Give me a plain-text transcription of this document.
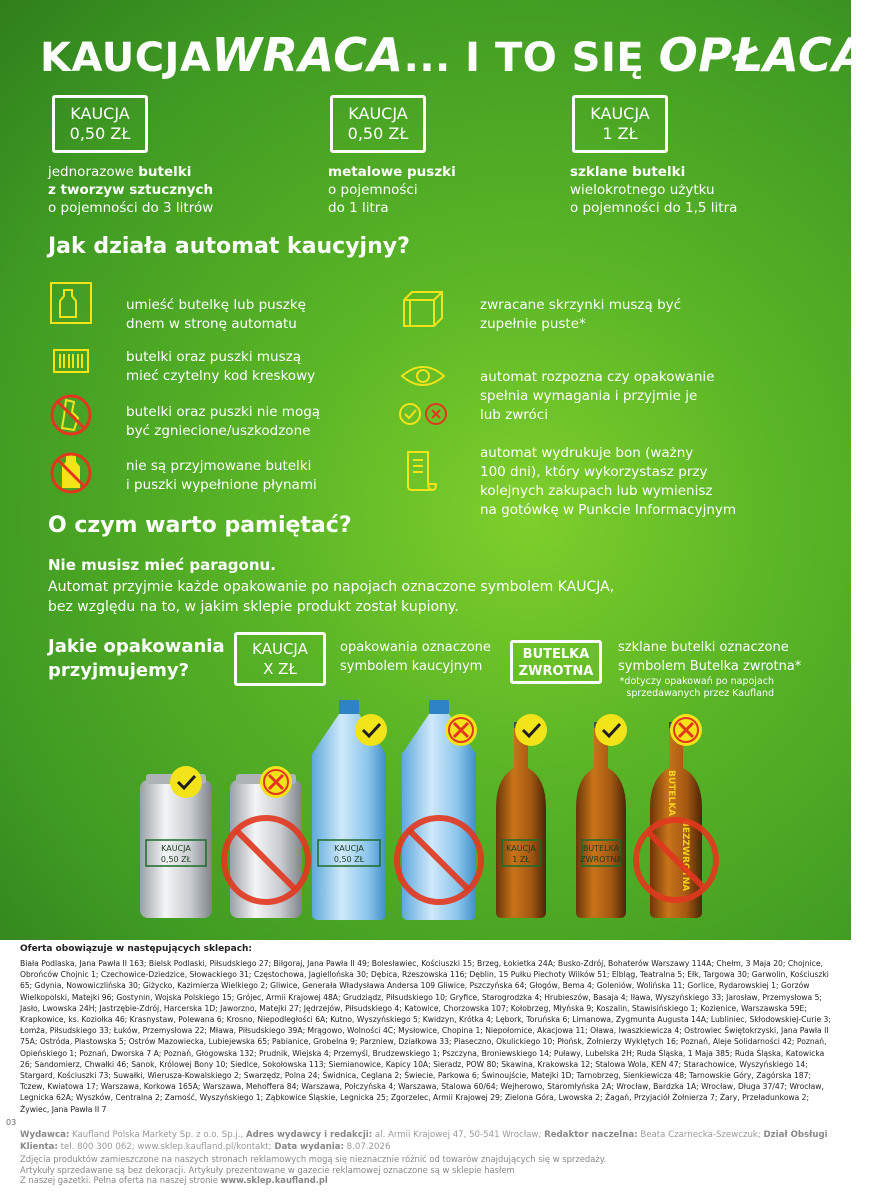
KAUCJAWRACA... I TO SIĘ OPŁACA!
KAUCJA
0,50 ZŁ
jednorazowe butelki
z tworzyw sztucznych
o pojemności do 3 litrów
KAUCJA
0,50 ZŁ
metalowe puszki
o pojemności
do 1 litra
KAUCJA
1 ZŁ
szklane butelki
wielokrotnego użytku
o pojemności do 1,5 litra
Jak działa automat kaucyjny?
umieść butelkę lub puszkę
dnem w stronę automatu
butelki oraz puszki muszą
mieć czytelny kod kreskowy
butelki oraz puszki nie mogą
być zgniecione/uszkodzone
nie są przyjmowane butelki
i puszki wypełnione płynami
zwracane skrzynki muszą być
zupełnie puste*
automat rozpozna czy opakowanie
spełnia wymagania i przyjmie je
lub zwróci
automat wydrukuje bon (ważny
100 dni), który wykorzystasz przy
kolejnych zakupach lub wymienisz
na gotówkę w Punkcie Informacyjnym
O czym warto pamiętać?
Nie musisz mieć paragonu.
Automat przyjmie każde opakowanie po napojach oznaczone symbolem KAUCJA,
bez względu na to, w jakim sklepie produkt został kupiony.
Jakie opakowania
przyjmujemy?
KAUCJA
X ZŁ
opakowania oznaczone
symbolem kaucyjnym
BUTELKA
ZWROTNA
szklane butelki oznaczone
symbolem Butelka zwrotna*
*dotyczy opakowań po napojach
sprzedawanych przez Kaufland
KAUCJA
0,50 ZŁ
KAUCJA
0,50 ZŁ
KAUCJA
1 ZŁ
BUTELKA
ZWROTNA
BUTELKA
BEZZWROTNA
Oferta obowiązuje w następujących sklepach:
Biała Podlaska, Jana Pawła II 163; Bielsk Podlaski, Piłsudskiego 27; Biłgoraj, Jana Pawła II 49; Bolesławiec, Kościuszki 15; Brzeg, Łokietka 24A; Busko-Zdrój, Bohaterów Warszawy 114A; Chełm, 3 Maja 20; Chojnice, Obrońców Chojnic 1; Czechowice-Dziedzice, Słowackiego 31; Częstochowa, Jagiellońska 30; Dębica, Rzeszowska 116; Dęblin, 15 Pułku Piechoty Wilków 51; Elbląg, Teatralna 5; Ełk, Targowa 30; Garwolin, Kościuszki 65; Gdynia, Nowowiczlińska 30; Giżycko, Kazimierza Wielkiego 2; Gliwice, Generała Władysława Andersa 109 Gliwice, Pszczyńska 64; Głogów, Bema 4; Goleniów, Wolińska 11; Gorlice, Rydarowskiej 1; Gorzów Wielkopolski, Matejki 96; Gostynin, Wojska Polskiego 15; Grójec, Armii Krajowej 48A; Grudziądz, Piłsudskiego 10; Gryfice, Starogrodzka 4; Hrubieszów, Basaja 4; Iława, Wyszyńskiego 33; Jarosław, Przemysłowa 5; Jasło, Lwowska 24H; Jastrzębie-Zdrój, Harcerska 1D; Jaworzno, Matejki 27; Jędrzejów, Piłsudskiego 4; Katowice, Chorzowska 107; Kołobrzeg, Młyńska 9; Koszalin, Stawisińskiego 1; Kozienice, Warszawska 59E; Krapkowice, ks. Koziołka 46; Krasnystaw, Polewana 6; Krosno, Niepodległości 6A; Kutno, Wyszyńskiego 5; Kwidzyn, Krótka 4; Lębork, Toruńska 6; Limanowa, Zygmunta Augusta 14A; Lubliniec, Skłodowskiej-Curie 3; Łomża, Piłsudskiego 33; Łuków, Przemysłowa 22; Mława, Piłsudskiego 39A; Mrągowo, Wolności 4C; Mysłowice, Chopina 1; Niepołomice, Akacjowa 11; Oława, Iwaszkiewicza 4; Ostrowiec Świętokrzyski, Jana Pawła II 75A; Ostróda, Piastowska 5; Ostrów Mazowiecka, Lubiejewska 65; Pabianice, Grobelna 9; Parzniew, Działkowa 33; Piaseczno, Okulickiego 10; Płońsk, Żołnierzy Wyklętych 16; Poznań, Aleje Solidarności 42; Poznań, Opieńskiego 1; Poznań, Dworska 7 A; Poznań, Głogowska 132; Prudnik, Wiejska 4; Przemyśl, Brudzewskiego 1; Pszczyna, Broniewskiego 14; Puławy, Lubelska 2H; Ruda Śląska, 1 Maja 385; Ruda Śląska, Katowicka 26; Sandomierz, Chwałki 46; Sanok, Królowej Bony 10; Siedlce, Sokołowska 113; Siemianowice, Kapicy 10A; Sieradz, POW 80; Skawina, Krakowska 12; Stalowa Wola, KEN 47; Starachowice, Wyszyńskiego 14; Stargard, Kościuszki 73; Suwałki, Wierusza-Kowalskiego 2; Swarzędz, Polna 24; Świdnica, Ceglana 2; Świecie, Parkowa 6; Świnoujście, Matejki 1D; Tarnobrzeg, Sienkiewicza 48; Tarnowskie Góry, Zagórska 187; Tczew, Kwiatowa 17; Warszawa, Korkowa 165A; Warszawa, Mehoffera 84; Warszawa, Połczyńska 4; Warszawa, Stalowa 60/64; Wejherowo, Staromłyńska 2A; Wrocław, Bardzka 1A; Wrocław, Długa 37/47; Wrocław, Legnicka 62A; Wyszków, Centralna 2; Zamość, Wyszyńskiego 1; Ząbkowice Śląskie, Legnicka 25; Zgorzelec, Armii Krajowej 29; Zielona Góra, Lwowska 2; Żagań, Przyjaciół Żołnierza 7; Żary, Przeładunkowa 2; Żywiec, Jana Pawła II 7
03
Wydawca: Kaufland Polska Markety Sp. z o.o. Sp.j., Adres wydawcy i redakcji: al. Armii Krajowej 47, 50-541 Wrocław; Redaktor naczelna: Beata Czarnecka-Szewczuk; Dział Obsługi Klienta: tel. 800 300 062; www.sklep.kaufland.pl/kontakt; Data wydania: 8.07.2026
Zdjęcia produktów zamieszczone na naszych stronach reklamowych mogą się nieznacznie różnić od towarów znajdujących się w sprzedaży.
Artykuły sprzedawane są bez dekoracji. Artykuły prezentowane w gazecie reklamowej oznaczone są w sklepie hasłem
Z naszej gazetki. Pełna oferta na naszej stronie www.sklep.kaufland.pl
